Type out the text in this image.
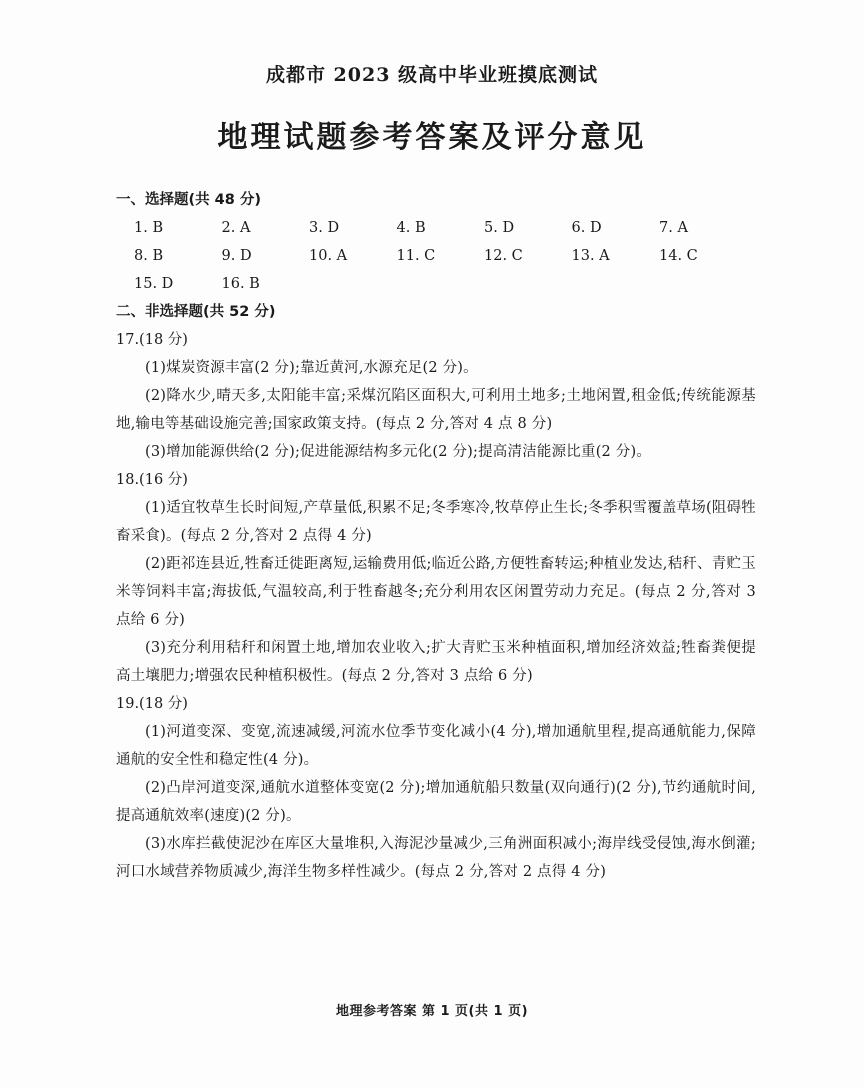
成都市 2023 级高中毕业班摸底测试
地理试题参考答案及评分意见
一、选择题(共 48 分)
1. B	2. A	3. D	4. B	5. D	6. D	7. A
8. B	9. D	10. A	11. C	12. C	13. A	14. C
15. D	16. B
二、非选择题(共 52 分)
17.(18 分)

(1)煤炭资源丰富(2 分);靠近黄河,水源充足(2 分)。

(2)降水少,晴天多,太阳能丰富;采煤沉陷区面积大,可利用土地多;土地闲置,租金低;传统能源基地,输电等基础设施完善;国家政策支持。(每点 2 分,答对 4 点 8 分)

(3)增加能源供给(2 分);促进能源结构多元化(2 分);提高清洁能源比重(2 分)。

18.(16 分)

(1)适宜牧草生长时间短,产草量低,积累不足;冬季寒冷,牧草停止生长;冬季积雪覆盖草场(阻碍牲畜采食)。(每点 2 分,答对 2 点得 4 分)

(2)距祁连县近,牲畜迁徙距离短,运输费用低;临近公路,方便牲畜转运;种植业发达,秸秆、青贮玉米等饲料丰富;海拔低,气温较高,利于牲畜越冬;充分利用农区闲置劳动力充足。(每点 2 分,答对 3 点给 6 分)

(3)充分利用秸秆和闲置土地,增加农业收入;扩大青贮玉米种植面积,增加经济效益;牲畜粪便提高土壤肥力;增强农民种植积极性。(每点 2 分,答对 3 点给 6 分)

19.(18 分)

(1)河道变深、变宽,流速减缓,河流水位季节变化减小(4 分),增加通航里程,提高通航能力,保障通航的安全性和稳定性(4 分)。

(2)凸岸河道变深,通航水道整体变宽(2 分);增加通航船只数量(双向通行)(2 分),节约通航时间,提高通航效率(速度)(2 分)。

(3)水库拦截使泥沙在库区大量堆积,入海泥沙量减少,三角洲面积减小;海岸线受侵蚀,海水倒灌;河口水域营养物质减少,海洋生物多样性减少。(每点 2 分,答对 2 点得 4 分)

地理参考答案 第 1 页(共 1 页)
